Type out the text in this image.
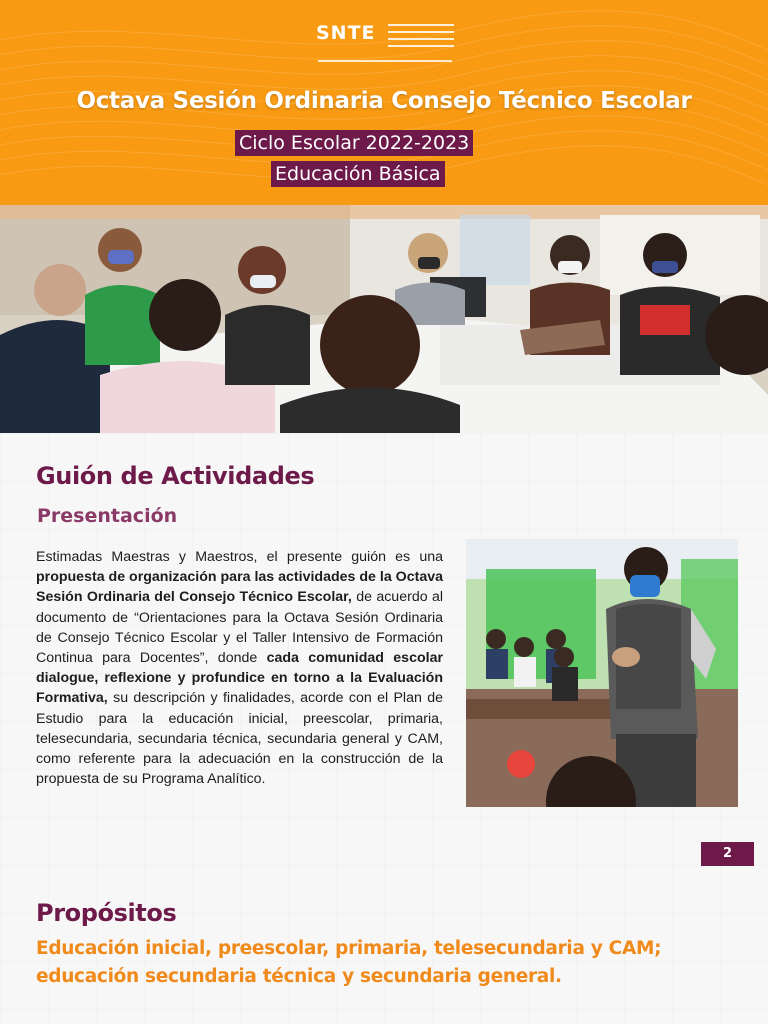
SNTE
Octava Sesión Ordinaria Consejo Técnico Escolar
Ciclo Escolar 2022-2023
Educación Básica
Guión de Actividades
Presentación
Estimadas Maestras y Maestros, el presente guión es una propuesta de organización para las actividades de la Octava Sesión Ordinaria del Consejo Técnico Escolar, de acuerdo al documento de “Orientaciones para la Octava Sesión Ordinaria de Consejo Técnico Escolar y el Taller Intensivo de Formación Continua para Docentes”, donde cada comunidad escolar dialogue, reflexione y profundice en torno a la Evaluación Formativa, su descripción y finalidades, acorde con el Plan de Estudio para la educación inicial, preescolar, primaria, telesecundaria, secundaria técnica, secundaria general y CAM, como referente para la adecuación en la construcción de la propuesta de su Programa Analítico.
2
Propósitos
Educación inicial, preescolar, primaria, telesecundaria y CAM; educación secundaria técnica y secundaria general.
